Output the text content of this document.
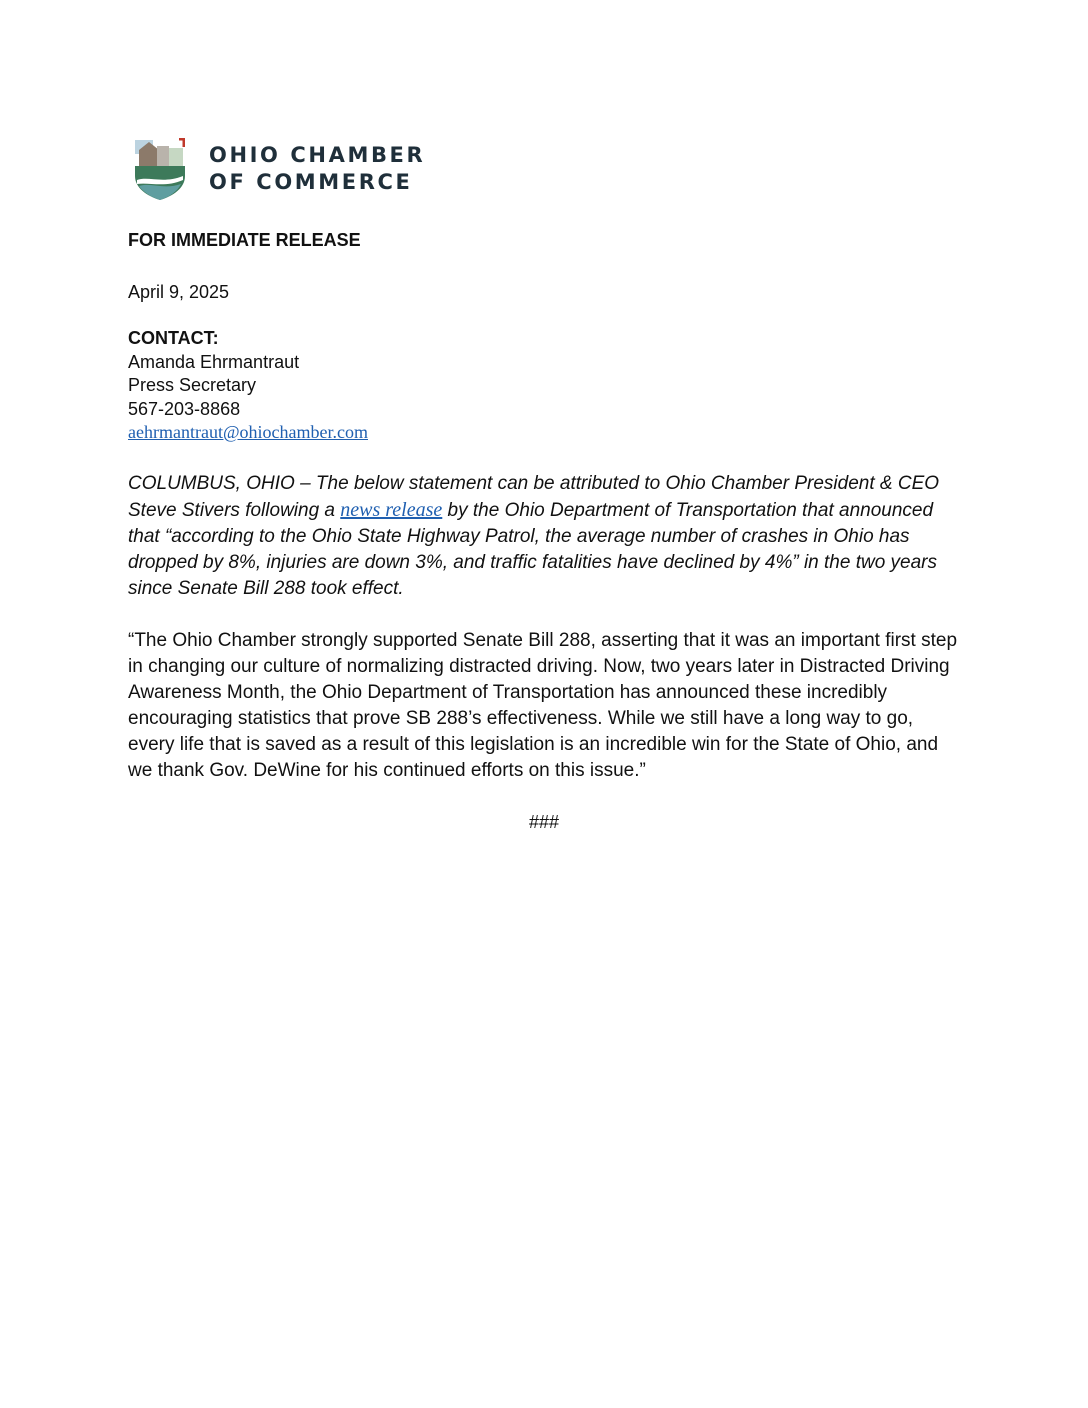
OHIO CHAMBER
OF COMMERCE

FOR IMMEDIATE RELEASE

April 9, 2025

CONTACT:
Amanda Ehrmantraut
Press Secretary
567-203-8868
aehrmantraut@ohiochamber.com
COLUMBUS, OHIO – The below statement can be attributed to Ohio Chamber President & CEO Steve Stivers following a news release by the Ohio Department of Transportation that announced that “according to the Ohio State Highway Patrol, the average number of crashes in Ohio has dropped by 8%, injuries are down 3%, and traffic fatalities have declined by 4%” in the two years since Senate Bill 288 took effect.
“The Ohio Chamber strongly supported Senate Bill 288, asserting that it was an important first step in changing our culture of normalizing distracted driving. Now, two years later in Distracted Driving Awareness Month, the Ohio Department of Transportation has announced these incredibly encouraging statistics that prove SB 288’s effectiveness. While we still have a long way to go, every life that is saved as a result of this legislation is an incredible win for the State of Ohio, and we thank Gov. DeWine for his continued efforts on this issue.”
###
